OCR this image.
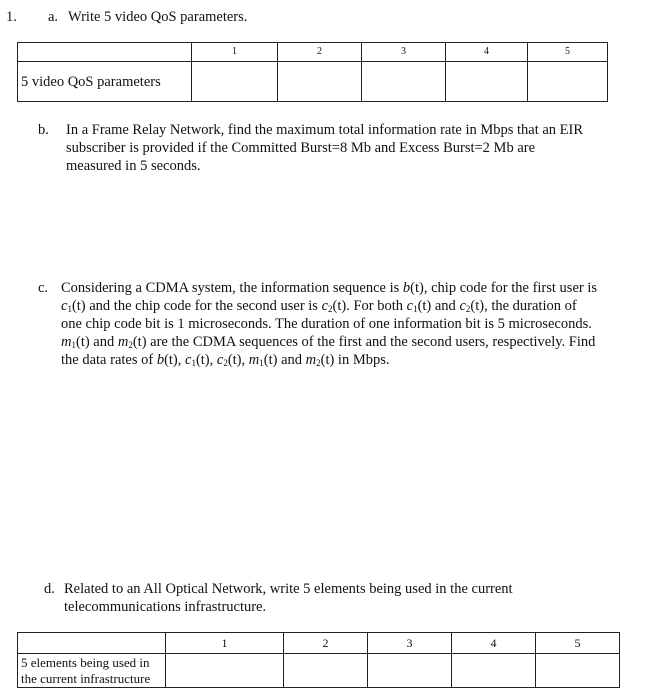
1. a. Write 5 video QoS parameters.
	1	2	3	4	5
5 video QoS parameters					
b. In a Frame Relay Network, find the maximum total information rate in Mbps that an EIR
subscriber is provided if the Committed Burst=8 Mb and Excess Burst=2 Mb are
measured in 5 seconds.
c. Considering a CDMA system, the information sequence is b(t), chip code for the first user is
$c_1(t)$ and the chip code for the second user is $c_2(t)$. For both $c_1(t)$ and $c_2(t)$, the duration of
one chip code bit is 1 microseconds. The duration of one information bit is 5 microseconds.
$m_1(t)$ and $m_2(t)$ are the CDMA sequences of the first and the second users, respectively. Find
the data rates of b(t), $c_1(t)$, $c_2(t)$, $m_1(t)$ and $m_2(t)$ in Mbps.
d. Related to an All Optical Network, write 5 elements being used in the current
telecommunications infrastructure.
	1	2	3	4	5

5 elements being used in
the current infrastructure					
